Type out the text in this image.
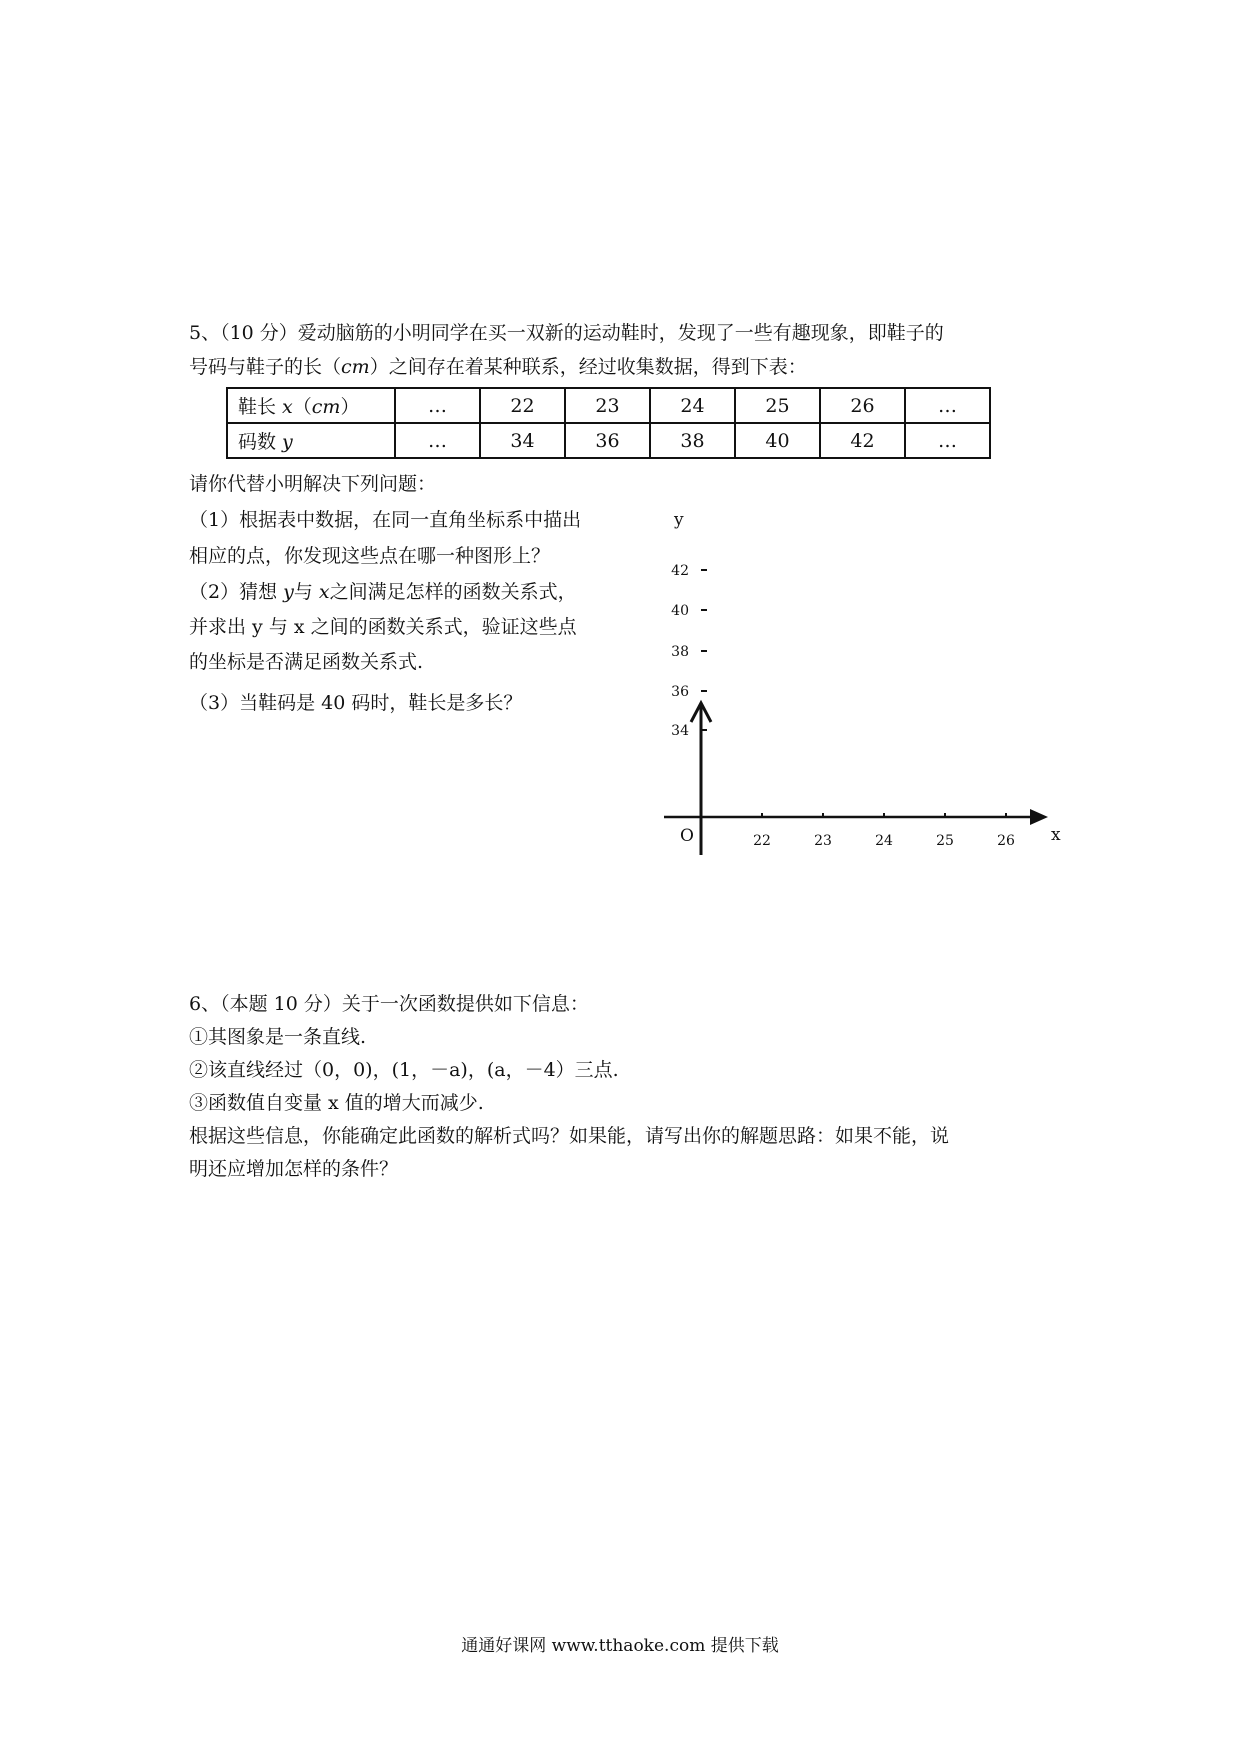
5、（10 分）爱动脑筋的小明同学在买一双新的运动鞋时，发现了一些有趣现象，即鞋子的

号码与鞋子的长（cm）之间存在着某种联系，经过收集数据，得到下表：

鞋长 x（cm）	…	22	23	24	25	26	…
码数 y	…	34	36	38	40	42	…

请你代替小明解决下列问题：

（1）根据表中数据，在同一直角坐标系中描出

相应的点，你发现这些点在哪一种图形上？

（2）猜想 y与 x之间满足怎样的函数关系式，

并求出 y 与 x 之间的函数关系式，验证这些点

的坐标是否满足函数关系式.

（3）当鞋码是 40 码时，鞋长是多长？

y
x
O	22	23	24	25	26
34
36
38
40
42

6、（本题 10 分）关于一次函数提供如下信息：

①其图象是一条直线.

②该直线经过（0，0)，(1，－a)，(a，－4）三点.

③函数值自变量 x 值的增大而减少.

根据这些信息，你能确定此函数的解析式吗？如果能，请写出你的解题思路：如果不能，说

明还应增加怎样的条件？

通通好课网 www.tthaoke.com 提供下载
